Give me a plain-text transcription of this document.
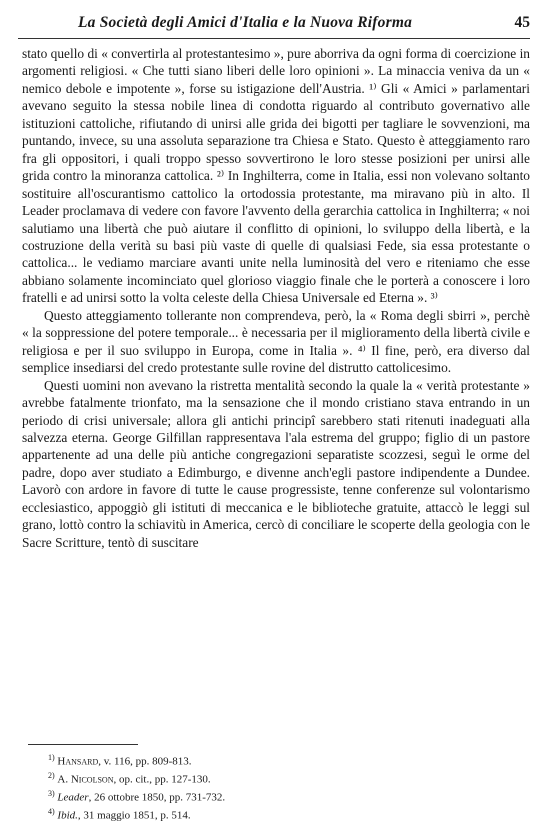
La Società degli Amici d'Italia e la Nuova Riforma	45

stato quello di « convertirla al protestantesimo », pure aborriva da ogni forma di coercizione in argomenti religiosi. « Che tutti siano liberi delle loro opinioni ». La minaccia veniva da un « nemico debole e impotente », forse su istigazione dell'Austria. ¹⁾ Gli « Amici » parlamentari avevano seguito la stessa nobile linea di condotta riguardo al contributo governativo alle istituzioni cattoliche, rifiutando di unirsi alle grida dei bigotti per tagliare le sovvenzioni, ma puntando, invece, su una assoluta separazione tra Chiesa e Stato. Questo è atteggiamento raro fra gli oppositori, i quali troppo spesso sovvertirono le loro stesse posizioni per unirsi alle grida contro la minoranza cattolica. ²⁾ In Inghilterra, come in Italia, essi non volevano soltanto sostituire all'oscurantismo cattolico la ortodossia protestante, ma miravano più in alto. Il Leader proclamava di vedere con favore l'avvento della gerarchia cattolica in Inghilterra; « noi salutiamo una libertà che può aiutare il conflitto di opinioni, lo sviluppo della libertà, e la costruzione della verità su basi più vaste di quelle di qualsiasi Fede, sia essa protestante o cattolica... le vediamo marciare avanti unite nella luminosità del vero e riteniamo che esse abbiano solamente incominciato quel glorioso viaggio finale che le porterà a conoscere i loro fratelli e ad unirsi sotto la volta celeste della Chiesa Universale ed Eterna ». ³⁾

Questo atteggiamento tollerante non comprendeva, però, la « Roma degli sbirri », perchè « la soppressione del potere temporale... è necessaria per il miglioramento della libertà civile e religiosa e per il suo sviluppo in Europa, come in Italia ». ⁴⁾ Il fine, però, era diverso dal semplice insediarsi del credo protestante sulle rovine del distrutto cattolicesimo.

Questi uomini non avevano la ristretta mentalità secondo la quale la « verità protestante » avrebbe fatalmente trionfato, ma la sensazione che il mondo cristiano stava entrando in un periodo di crisi universale; allora gli antichi principî sarebbero stati ritenuti inadeguati alla salvezza eterna. George Gilfillan rappresentava l'ala estrema del gruppo; figlio di un pastore appartenente ad una delle più antiche congregazioni separatiste scozzesi, seguì le orme del padre, dopo aver studiato a Edimburgo, e divenne anch'egli pastore indipendente a Dundee. Lavorò con ardore in favore di tutte le cause progressiste, tenne conferenze sul volontarismo ecclesiastico, appoggiò gli istituti di meccanica e le biblioteche gratuite, attaccò le leggi sul grano, lottò contro la schiavitù in America, cercò di conciliare le scoperte della geologia con le Sacre Scritture, tentò di suscitare

$^{1)}$ Hansard, v. 116, pp. 809-813.
$^{2)}$ A. Nicolson, op. cit., pp. 127-130.
$^{3)}$ Leader, 26 ottobre 1850, pp. 731-732.
$^{4)}$ Ibid., 31 maggio 1851, p. 514.
